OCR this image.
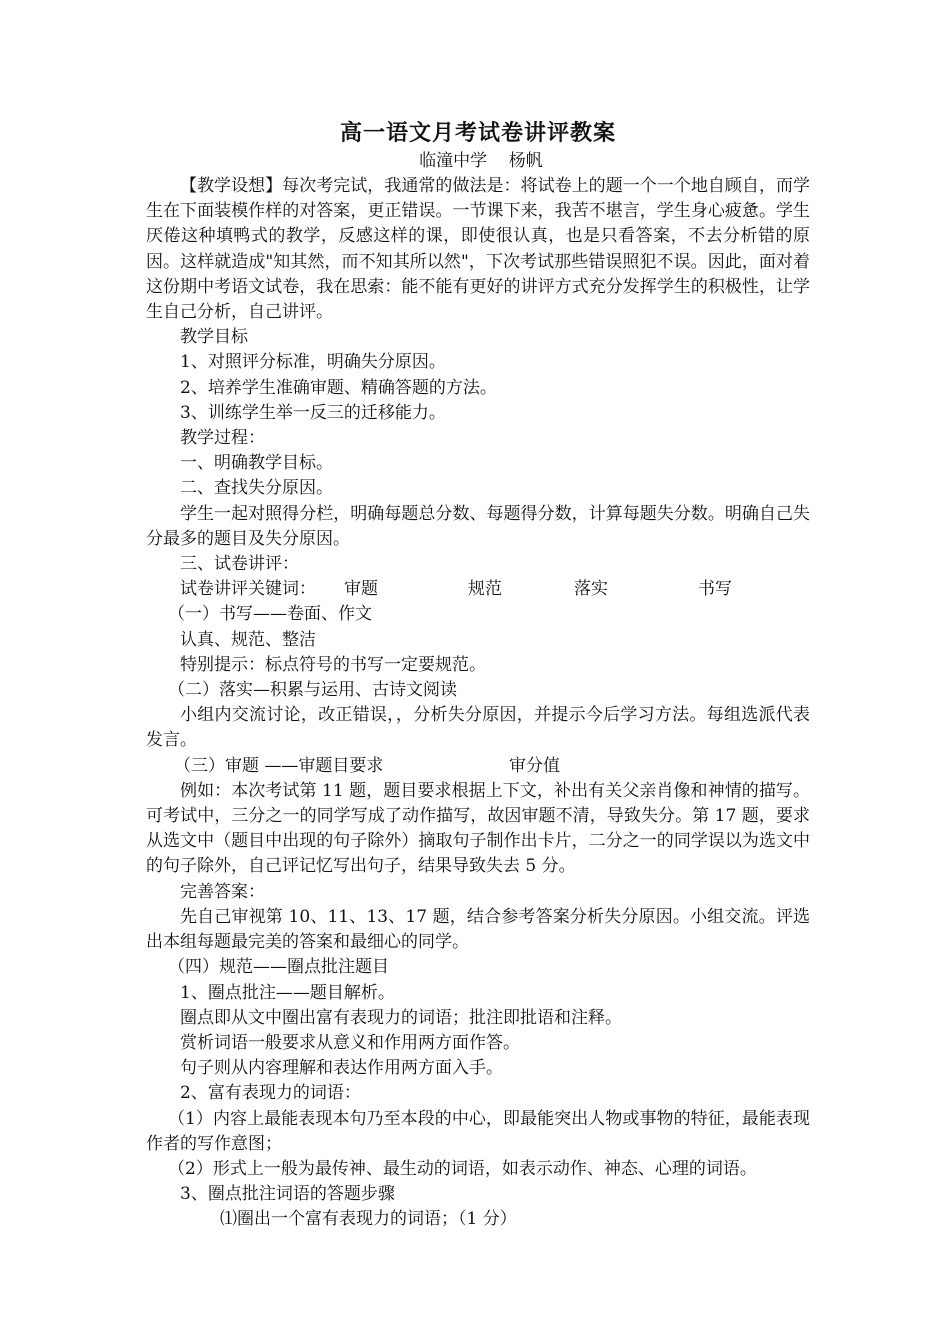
高一语文月考试卷讲评教案

临潼中学    杨帆

【教学设想】每次考完试，我通常的做法是：将试卷上的题一个一个地自顾自，而学生在下面装模作样的对答案，更正错误。一节课下来，我苦不堪言，学生身心疲惫。学生厌倦这种填鸭式的教学，反感这样的课，即使很认真，也是只看答案，不去分析错的原因。这样就造成"知其然，而不知其所以然"，下次考试那些错误照犯不误。因此，面对着这份期中考语文试卷，我在思索：能不能有更好的讲评方式充分发挥学生的积极性，让学生自己分析，自己讲评。

教学目标

1、对照评分标准，明确失分原因。

2、培养学生准确审题、精确答题的方法。

3、训练学生举一反三的迁移能力。

教学过程：

一、明确教学目标。

二、查找失分原因。

学生一起对照得分栏，明确每题总分数、每题得分数，计算每题失分数。明确自己失分最多的题目及失分原因。

三、试卷讲评：

试卷讲评关键词：	审题	规范	落实	书写

（一）书写——卷面、作文

认真、规范、整洁

特别提示：标点符号的书写一定要规范。

（二）落实—积累与运用、古诗文阅读

小组内交流讨论，改正错误，，分析失分原因，并提示今后学习方法。每组选派代表发言。

（三）审题 ——审题目要求	审分值

例如：本次考试第 11 题，题目要求根据上下文，补出有关父亲肖像和神情的描写。可考试中，三分之一的同学写成了动作描写，故因审题不清，导致失分。第 17 题，要求从选文中（题目中出现的句子除外）摘取句子制作出卡片，二分之一的同学误以为选文中的句子除外，自己评记忆写出句子，结果导致失去 5 分。

完善答案：

先自己审视第 10、11、13、17 题，结合参考答案分析失分原因。小组交流。评选出本组每题最完美的答案和最细心的同学。

（四）规范——圈点批注题目

1、圈点批注——题目解析。

圈点即从文中圈出富有表现力的词语；批注即批语和注释。

赏析词语一般要求从意义和作用两方面作答。

句子则从内容理解和表达作用两方面入手。

2、富有表现力的词语：

（1）内容上最能表现本句乃至本段的中心，即最能突出人物或事物的特征，最能表现作者的写作意图；

（2）形式上一般为最传神、最生动的词语，如表示动作、神态、心理的词语。

3、圈点批注词语的答题步骤

⑴圈出一个富有表现力的词语；（1 分）
